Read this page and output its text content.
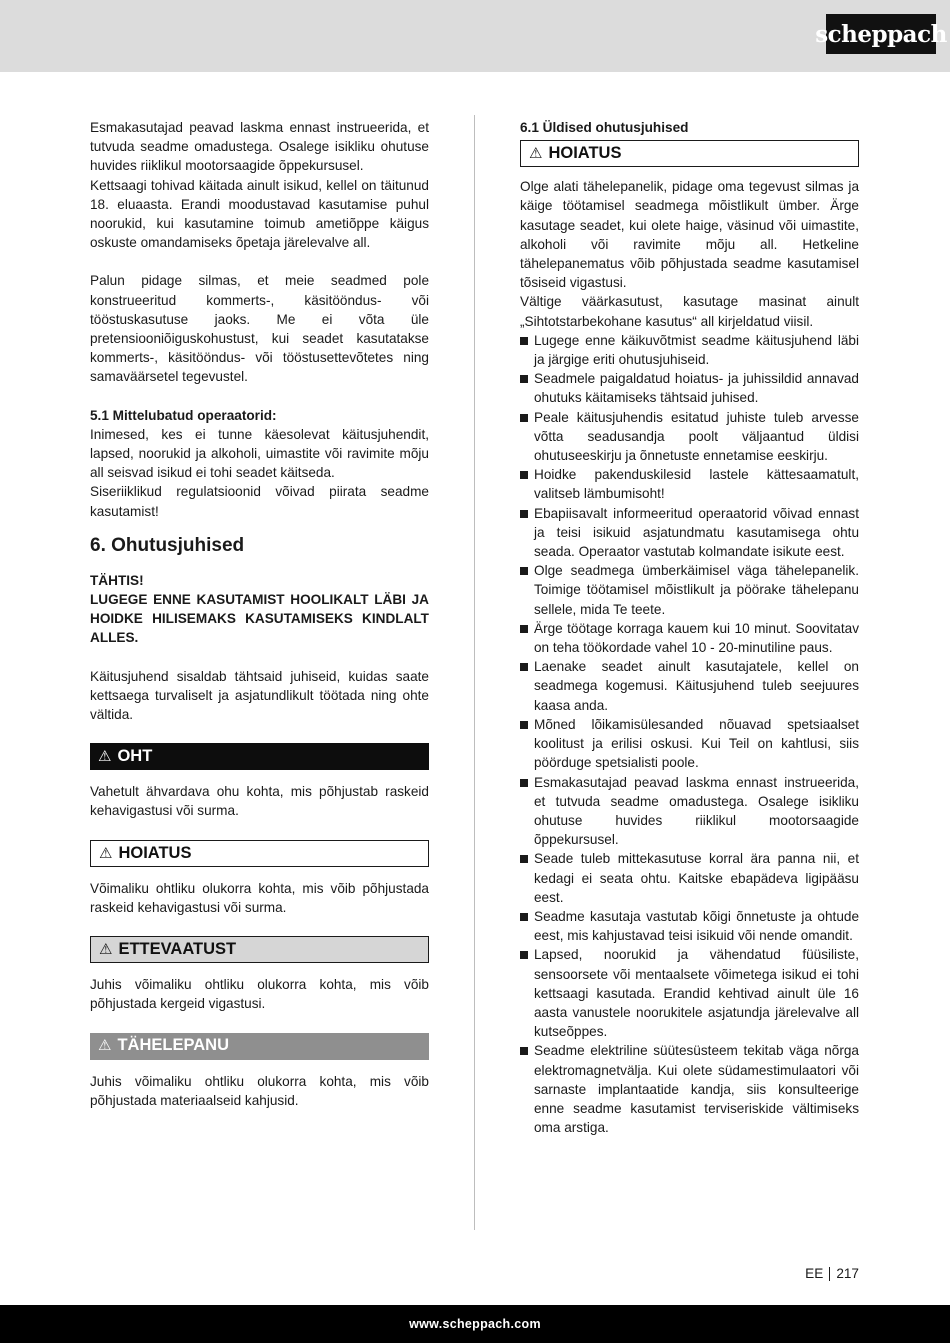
scheppach

Esmakasutajad peavad laskma ennast instrueerida, et tutvuda seadme omadustega. Osalege isikliku ohutuse huvides riiklikul mootorsaagide õppekursusel.

Kettsaagi tohivad käitada ainult isikud, kellel on täitunud 18. eluaasta. Erandi moodustavad kasutamise puhul noorukid, kui kasutamine toimub ametiõppe käigus oskuste omandamiseks õpetaja järelevalve all.

Palun pidage silmas, et meie seadmed pole konstrueeritud kommerts-, käsitööndus- või tööstuskasutuse jaoks. Me ei võta üle pretensiooniõiguskohustust, kui seadet kasutatakse kommerts-, käsitööndus- või tööstusettevõtetes ning samaväärsetel tegevustel.

5.1 Mittelubatud operaatorid:

Inimesed, kes ei tunne käesolevat käitusjuhendit, lapsed, noorukid ja alkoholi, uimastite või ravimite mõju all seisvad isikud ei tohi seadet käitseda.

Siseriiklikud regulatsioonid võivad piirata seadme kasutamist!

6. Ohutusjuhised

TÄHTIS!

LUGEGE ENNE KASUTAMIST HOOLIKALT LÄBI JA HOIDKE HILISEMAKS KASUTAMISEKS KINDLALT ALLES.

Käitusjuhend sisaldab tähtsaid juhiseid, kuidas saate kettsaega turvaliselt ja asjatundlikult töötada ning ohte vältida.

⚠ OHT

Vahetult ähvardava ohu kohta, mis põhjustab raskeid kehavigastusi või surma.

⚠ HOIATUS

Võimaliku ohtliku olukorra kohta, mis võib põhjustada raskeid kehavigastusi või surma.

⚠ ETTEVAATUST

Juhis võimaliku ohtliku olukorra kohta, mis võib põhjustada kergeid vigastusi.

⚠ TÄHELEPANU

Juhis võimaliku ohtliku olukorra kohta, mis võib põhjustada materiaalseid kahjusid.

6.1 Üldised ohutusjuhised

⚠ HOIATUS

Olge alati tähelepanelik, pidage oma tegevust silmas ja käige töötamisel seadmega mõistlikult ümber. Ärge kasutage seadet, kui olete haige, väsinud või uimastite, alkoholi või ravimite mõju all. Hetkeline tähelepanematus võib põhjustada seadme kasutamisel tõsiseid vigastusi.

Vältige väärkasutust, kasutage masinat ainult „Sihtotstarbekohane kasutus“ all kirjeldatud viisil.

Lugege enne käikuvõtmist seadme käitusjuhend läbi ja järgige eriti ohutusjuhiseid.
Seadmele paigaldatud hoiatus- ja juhissildid annavad ohutuks käitamiseks tähtsaid juhised.
Peale käitusjuhendis esitatud juhiste tuleb arvesse võtta seadusandja poolt väljaantud üldisi ohutuseeskirju ja õnnetuste ennetamise eeskirju.
Hoidke pakenduskilesid lastele kättesaamatult, valitseb lämbumisoht!
Ebapiisavalt informeeritud operaatorid võivad ennast ja teisi isikuid asjatundmatu kasutamisega ohtu seada. Operaator vastutab kolmandate isikute eest.
Olge seadmega ümberkäimisel väga tähelepanelik. Toimige töötamisel mõistlikult ja pöörake tähelepanu sellele, mida Te teete.
Ärge töötage korraga kauem kui 10 minut. Soovitatav on teha töökordade vahel 10 - 20-minutiline paus.
Laenake seadet ainult kasutajatele, kellel on seadmega kogemusi. Käitusjuhend tuleb seejuures kaasa anda.
Mõned lõikamisülesanded nõuavad spetsiaalset koolitust ja erilisi oskusi. Kui Teil on kahtlusi, siis pöörduge spetsialisti poole.
Esmakasutajad peavad laskma ennast instrueerida, et tutvuda seadme omadustega. Osalege isikliku ohutuse huvides riiklikul mootorsaagide õppekursusel.
Seade tuleb mittekasutuse korral ära panna nii, et kedagi ei seata ohtu. Kaitske ebapädeva ligipääsu eest.
Seadme kasutaja vastutab kõigi õnnetuste ja ohtude eest, mis kahjustavad teisi isikuid või nende omandit.
Lapsed, noorukid ja vähendatud füüsiliste, sensoorsete või mentaalsete võimetega isikud ei tohi kettsaagi kasutada. Erandid kehtivad ainult üle 16 aasta vanustele noorukitele asjatundja järelevalve all kutseõppes.
Seadme elektriline süütesüsteem tekitab väga nõrga elektromagnetvälja. Kui olete südamestimulaatori või sarnaste implantaatide kandja, siis konsulteerige enne seadme kasutamist terviseriskide vältimiseks oma arstiga.
EE 217
www.scheppach.com
